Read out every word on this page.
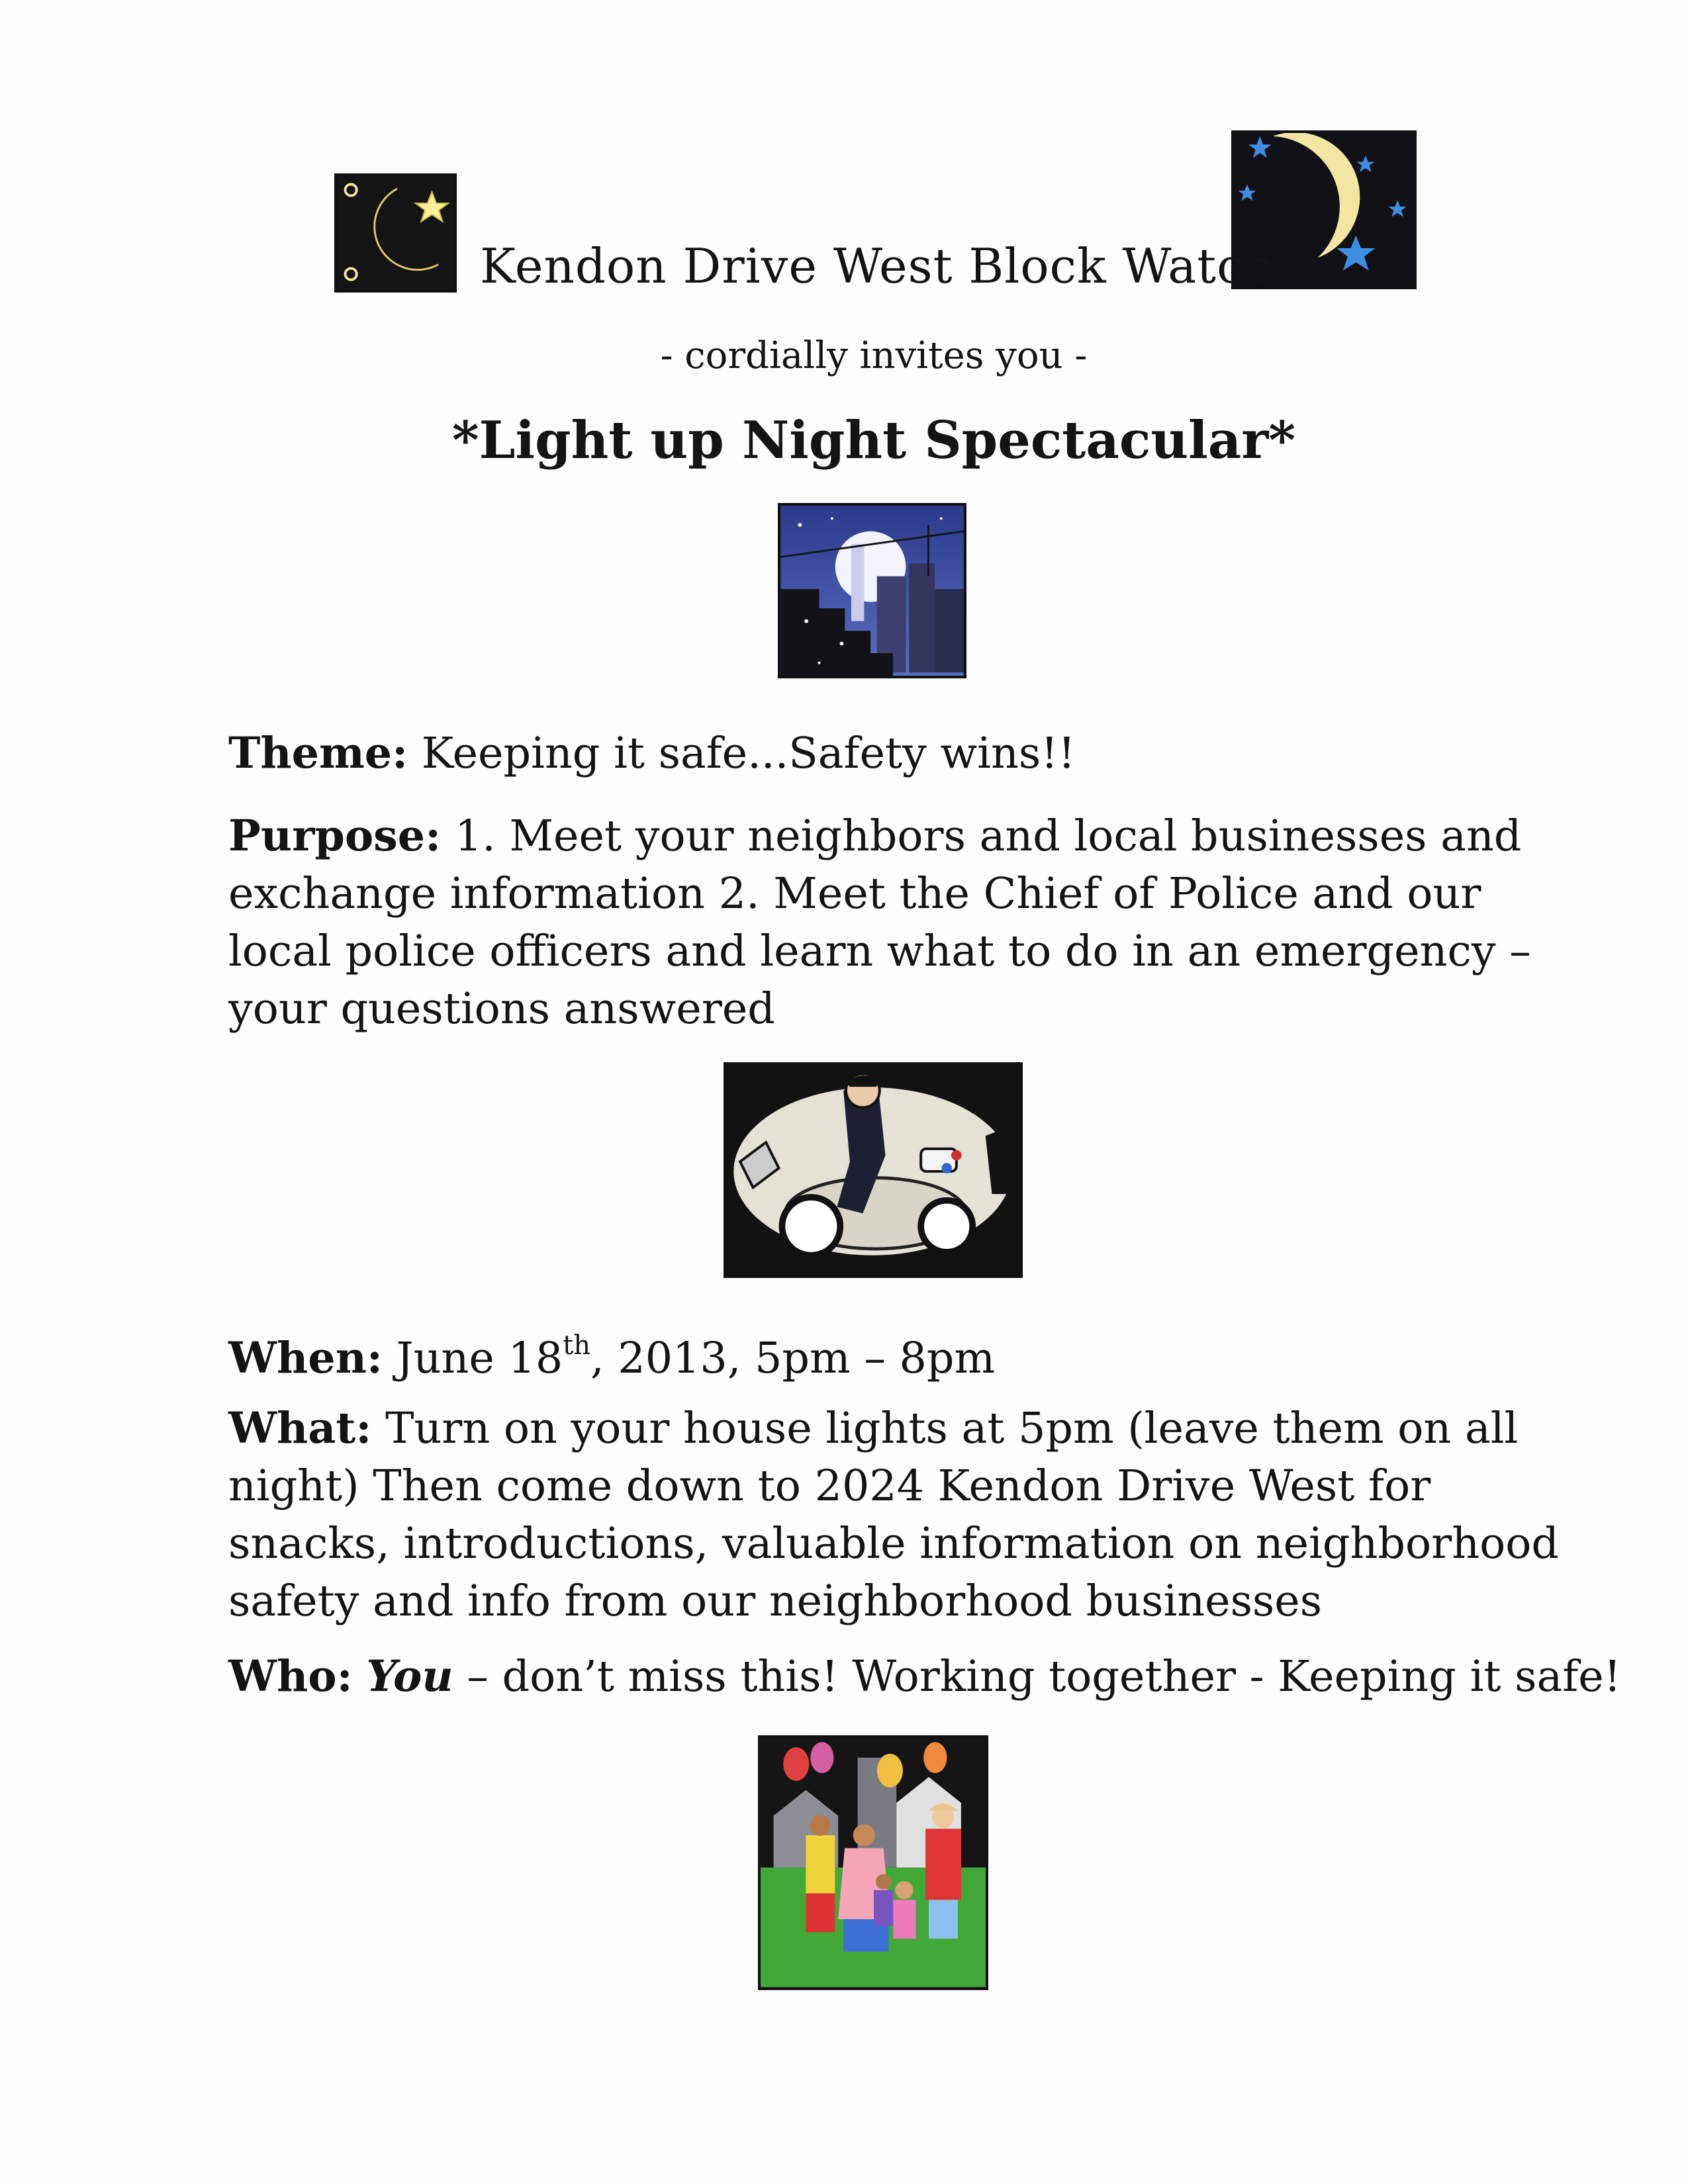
Kendon Drive West Block Watch
- cordially invites you -
*Light up Night Spectacular*
Theme: Keeping it safe...Safety wins!!
Purpose: 1. Meet your neighbors and local businesses and exchange information 2. Meet the Chief of Police and our local police officers and learn what to do in an emergency – your questions answered
When: June 18th, 2013, 5pm – 8pm
What: Turn on your house lights at 5pm (leave them on all night) Then come down to 2024 Kendon Drive West for snacks, introductions, valuable information on neighborhood safety and info from our neighborhood businesses
Who: You – don’t miss this! Working together - Keeping it safe!
